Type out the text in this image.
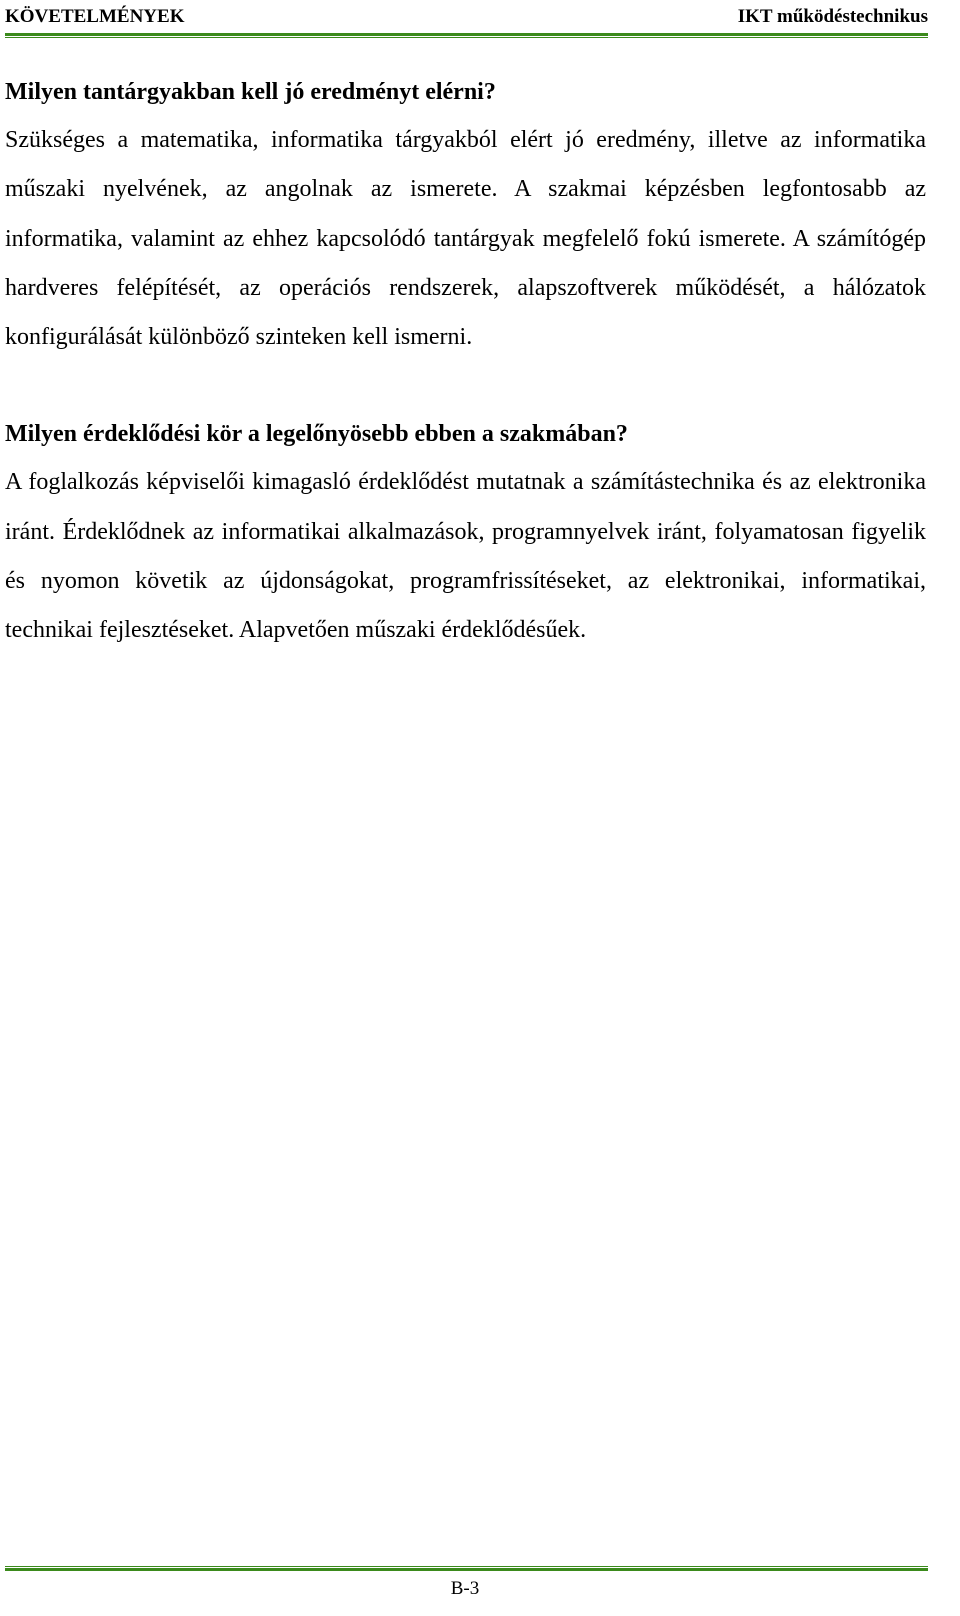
KÖVETELMÉNYEK	IKT működéstechnikus
Milyen tantárgyakban kell jó eredményt elérni?

Szükséges a matematika, informatika tárgyakból elért jó eredmény, illetve az informatika műszaki nyelvének, az angolnak az ismerete. A szakmai képzésben legfontosabb az informatika, valamint az ehhez kapcsolódó tantárgyak megfelelő fokú ismerete. A számítógép hardveres felépítését, az operációs rendszerek, alapszoftverek működését, a hálózatok konfigurálását különböző szinteken kell ismerni.

Milyen érdeklődési kör a legelőnyösebb ebben a szakmában?

A foglalkozás képviselői kimagasló érdeklődést mutatnak a számítástechnika és az elektronika iránt. Érdeklődnek az informatikai alkalmazások, programnyelvek iránt, folyamatosan figyelik és nyomon követik az újdonságokat, programfrissítéseket, az elektronikai, informatikai, technikai fejlesztéseket. Alapvetően műszaki érdeklődésűek.

B-3
